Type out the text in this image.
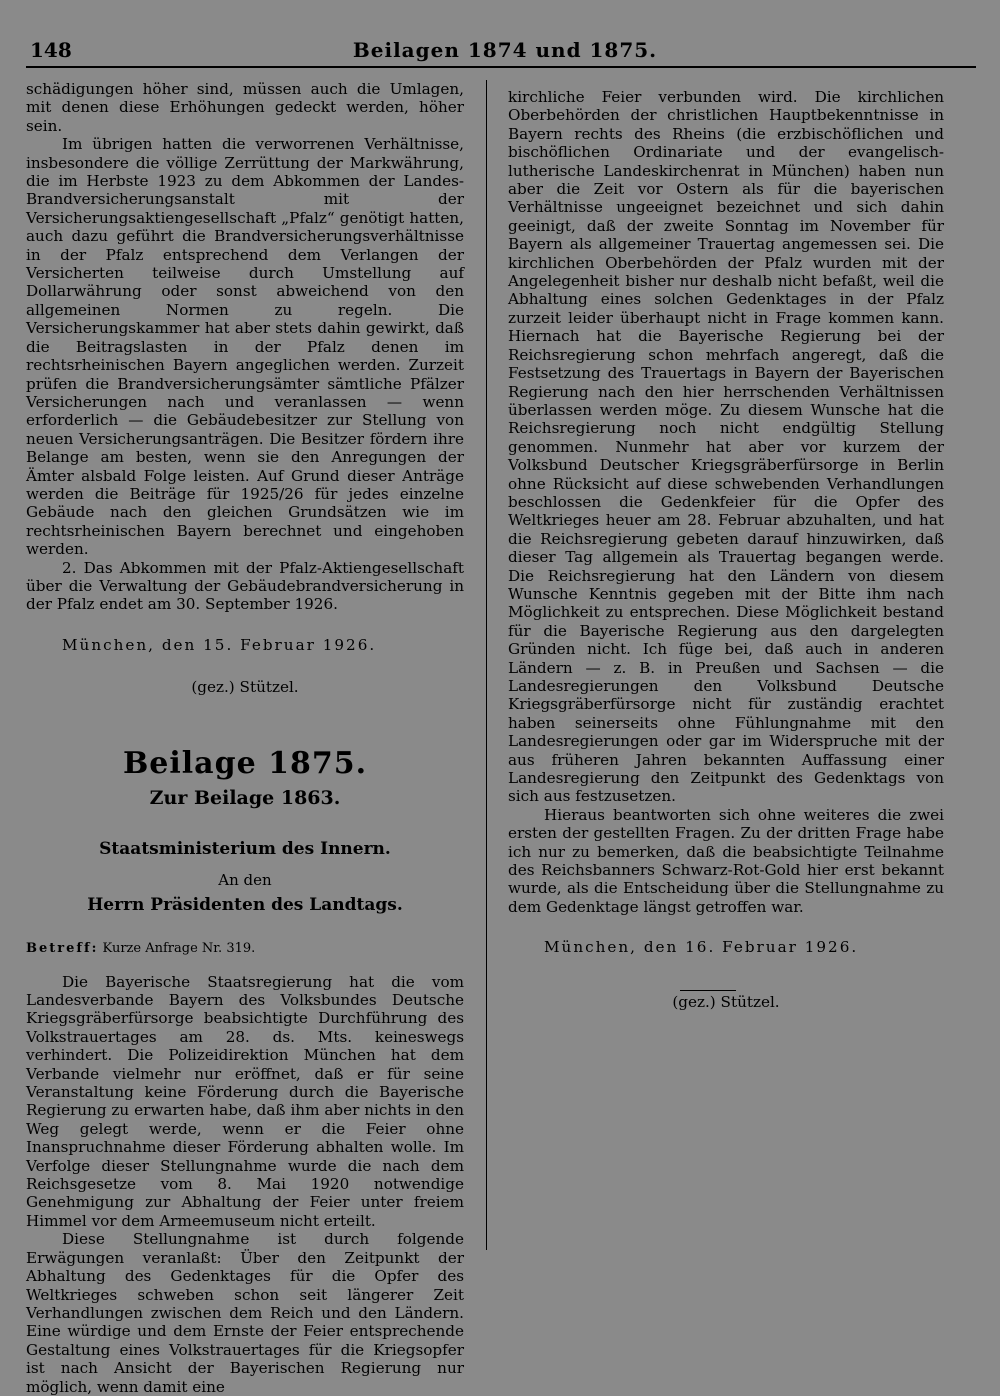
148	Beilagen 1874 und 1875.

schädigungen höher sind, müssen auch die Umlagen, mit denen diese Erhöhungen gedeckt werden, höher sein.

Im übrigen hatten die verworrenen Verhältnisse, insbesondere die völlige Zerrüttung der Markwährung, die im Herbste 1923 zu dem Abkommen der Landes-Brandversicherungsanstalt mit der Versicherungsaktiengesellschaft „Pfalz“ genötigt hatten, auch dazu geführt die Brandversicherungsverhältnisse in der Pfalz entsprechend dem Verlangen der Versicherten teilweise durch Umstellung auf Dollarwährung oder sonst abweichend von den allgemeinen Normen zu regeln. Die Versicherungskammer hat aber stets dahin gewirkt, daß die Beitragslasten in der Pfalz denen im rechtsrheinischen Bayern angeglichen werden. Zurzeit prüfen die Brandversicherungsämter sämtliche Pfälzer Versicherungen nach und veranlassen — wenn erforderlich — die Gebäudebesitzer zur Stellung von neuen Versicherungsanträgen. Die Besitzer fördern ihre Belange am besten, wenn sie den Anregungen der Ämter alsbald Folge leisten. Auf Grund dieser Anträge werden die Beiträge für 1925/26 für jedes einzelne Gebäude nach den gleichen Grundsätzen wie im rechtsrheinischen Bayern berechnet und eingehoben werden.

2. Das Abkommen mit der Pfalz-Aktiengesellschaft über die Verwaltung der Gebäudebrandversicherung in der Pfalz endet am 30. September 1926.

München, den 15. Februar 1926.

(gez.) Stützel.

Beilage 1875.
Zur Beilage 1863.
Staatsministerium des Innern.
An den
Herrn Präsidenten des Landtags.

Betreff: Kurze Anfrage Nr. 319.

Die Bayerische Staatsregierung hat die vom Landesverbande Bayern des Volksbundes Deutsche Kriegsgräberfürsorge beabsichtigte Durchführung des Volkstrauertages am 28. ds. Mts. keineswegs verhindert. Die Polizeidirektion München hat dem Verbande vielmehr nur eröffnet, daß er für seine Veranstaltung keine Förderung durch die Bayerische Regierung zu erwarten habe, daß ihm aber nichts in den Weg gelegt werde, wenn er die Feier ohne Inanspruchnahme dieser Förderung abhalten wolle. Im Verfolge dieser Stellungnahme wurde die nach dem Reichsgesetze vom 8. Mai 1920 notwendige Genehmigung zur Abhaltung der Feier unter freiem Himmel vor dem Armeemuseum nicht erteilt.

Diese Stellungnahme ist durch folgende Erwägungen veranlaßt: Über den Zeitpunkt der Abhaltung des Gedenktages für die Opfer des Weltkrieges schweben schon seit längerer Zeit Verhandlungen zwischen dem Reich und den Ländern. Eine würdige und dem Ernste der Feier entsprechende Gestaltung eines Volkstrauertages für die Kriegsopfer ist nach Ansicht der Bayerischen Regierung nur möglich, wenn damit eine

kirchliche Feier verbunden wird. Die kirchlichen Oberbehörden der christlichen Hauptbekenntnisse in Bayern rechts des Rheins (die erzbischöflichen und bischöflichen Ordinariate und der evangelisch-lutherische Landeskirchenrat in München) haben nun aber die Zeit vor Ostern als für die bayerischen Verhältnisse ungeeignet bezeichnet und sich dahin geeinigt, daß der zweite Sonntag im November für Bayern als allgemeiner Trauertag angemessen sei. Die kirchlichen Oberbehörden der Pfalz wurden mit der Angelegenheit bisher nur deshalb nicht befaßt, weil die Abhaltung eines solchen Gedenktages in der Pfalz zurzeit leider überhaupt nicht in Frage kommen kann. Hiernach hat die Bayerische Regierung bei der Reichsregierung schon mehrfach angeregt, daß die Festsetzung des Trauertags in Bayern der Bayerischen Regierung nach den hier herrschenden Verhältnissen überlassen werden möge. Zu diesem Wunsche hat die Reichsregierung noch nicht endgültig Stellung genommen. Nunmehr hat aber vor kurzem der Volksbund Deutscher Kriegsgräberfürsorge in Berlin ohne Rücksicht auf diese schwebenden Verhandlungen beschlossen die Gedenkfeier für die Opfer des Weltkrieges heuer am 28. Februar abzuhalten, und hat die Reichsregierung gebeten darauf hinzuwirken, daß dieser Tag allgemein als Trauertag begangen werde. Die Reichsregierung hat den Ländern von diesem Wunsche Kenntnis gegeben mit der Bitte ihm nach Möglichkeit zu entsprechen. Diese Möglichkeit bestand für die Bayerische Regierung aus den dargelegten Gründen nicht. Ich füge bei, daß auch in anderen Ländern — z. B. in Preußen und Sachsen — die Landesregierungen den Volksbund Deutsche Kriegsgräberfürsorge nicht für zuständig erachtet haben seinerseits ohne Fühlungnahme mit den Landesregierungen oder gar im Widerspruche mit der aus früheren Jahren bekannten Auffassung einer Landesregierung den Zeitpunkt des Gedenktags von sich aus festzusetzen.

Hieraus beantworten sich ohne weiteres die zwei ersten der gestellten Fragen. Zu der dritten Frage habe ich nur zu bemerken, daß die beabsichtigte Teilnahme des Reichsbanners Schwarz-Rot-Gold hier erst bekannt wurde, als die Entscheidung über die Stellungnahme zu dem Gedenktage längst getroffen war.

München, den 16. Februar 1926.

(gez.) Stützel.
